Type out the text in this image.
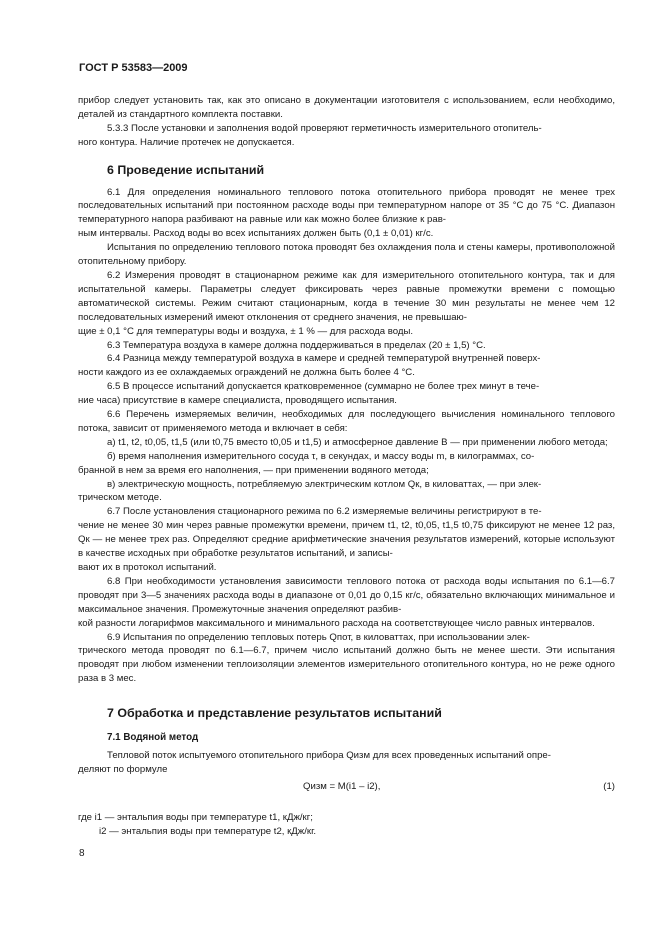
ГОСТ Р 53583—2009

прибор следует установить так, как это описано в документации изготовителя с использованием, если необходимо, деталей из стандартного комплекта поставки.

5.3.3 После установки и заполнения водой проверяют герметичность измерительного отопитель-
ного контура. Наличие протечек не допускается.

6 Проведение испытаний

6.1 Для определения номинального теплового потока отопительного прибора проводят не менее трех последовательных испытаний при постоянном расходе воды при температурном напоре от 35 °С до 75 °С. Диапазон температурного напора разбивают на равные или как можно более близкие к рав-
ным интервалы. Расход воды во всех испытаниях должен быть (0,1 ± 0,01) кг/с.

Испытания по определению теплового потока проводят без охлаждения пола и стены камеры, противоположной отопительному прибору.

6.2 Измерения проводят в стационарном режиме как для измерительного отопительного контура, так и для испытательной камеры. Параметры следует фиксировать через равные промежутки времени с помощью автоматической системы. Режим считают стационарным, когда в течение 30 мин результаты не менее чем 12 последовательных измерений имеют отклонения от среднего значения, не превышаю-
щие ± 0,1 °С для температуры воды и воздуха, ± 1 % — для расхода воды.

6.3 Температура воздуха в камере должна поддерживаться в пределах (20 ± 1,5) °С.

6.4 Разница между температурой воздуха в камере и средней температурой внутренней поверх-
ности каждого из ее охлаждаемых ограждений не должна быть более 4 °С.

6.5 В процессе испытаний допускается кратковременное (суммарно не более трех минут в тече-
ние часа) присутствие в камере специалиста, проводящего испытания.

6.6 Перечень измеряемых величин, необходимых для последующего вычисления номинального теплового потока, зависит от применяемого метода и включает в себя:

а) t1, t2, t0,05, t1,5 (или t0,75 вместо t0,05 и t1,5) и атмосферное давление В — при применении любого метода;

б) время наполнения измерительного сосуда τ, в секундах, и массу воды m, в килограммах, со-
бранной в нем за время его наполнения, — при применении водяного метода;

в) электрическую мощность, потребляемую электрическим котлом Qк, в киловаттах, — при элек-
трическом методе.

6.7 После установления стационарного режима по 6.2 измеряемые величины регистрируют в те-
чение не менее 30 мин через равные промежутки времени, причем t1, t2, t0,05, t1,5 t0,75 фиксируют не менее 12 раз, Qк — не менее трех раз. Определяют средние арифметические значения результатов измерений, которые используют в качестве исходных при обработке результатов испытаний, и записы-
вают их в протокол испытаний.

6.8 При необходимости установления зависимости теплового потока от расхода воды испытания по 6.1—6.7 проводят при 3—5 значениях расхода воды в диапазоне от 0,01 до 0,15 кг/с, обязательно включающих минимальное и максимальное значения. Промежуточные значения определяют разбив-
кой разности логарифмов максимального и минимального расхода на соответствующее число равных интервалов.

6.9 Испытания по определению тепловых потерь Qпот, в киловаттах, при использовании элек-
трического метода проводят по 6.1—6.7, причем число испытаний должно быть не менее шести. Эти испытания проводят при любом изменении теплоизоляции элементов измерительного отопительного контура, но не реже одного раза в 3 мес.

7 Обработка и представление результатов испытаний
7.1 Водяной метод

Тепловой поток испытуемого отопительного прибора Qизм для всех проведенных испытаний опре-
деляют по формуле

Qизм = M(i1 – i2),	(1)
где i1 — энтальпия воды при температуре t1, кДж/кг;
i2 — энтальпия воды при температуре t2, кДж/кг.
8
